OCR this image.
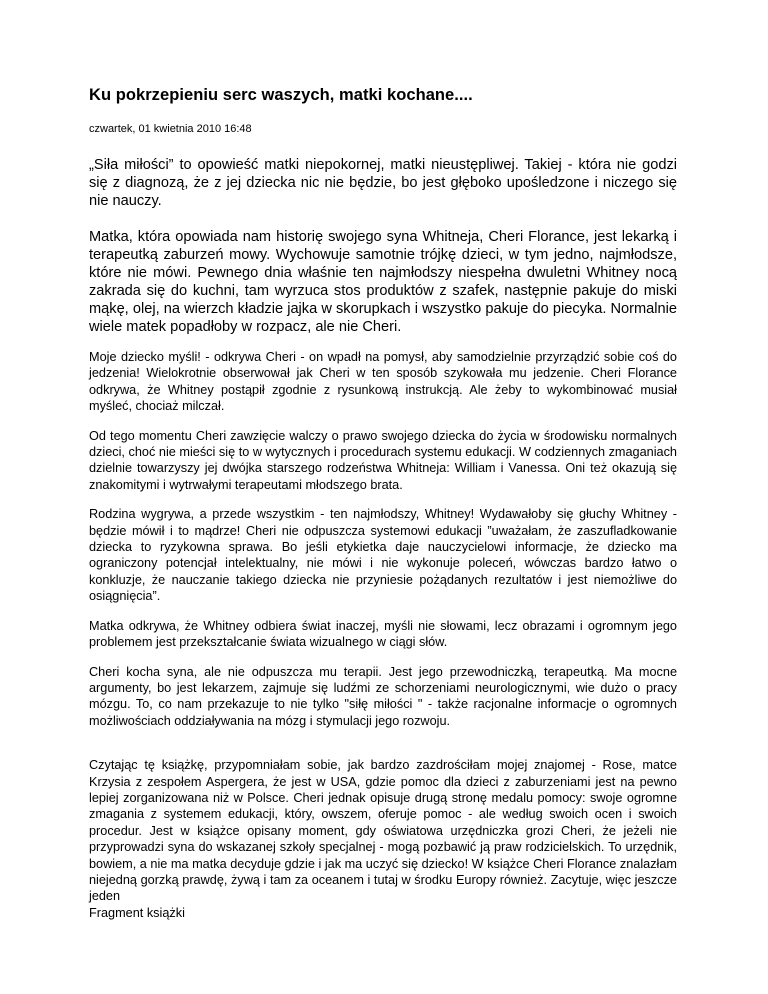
Ku pokrzepieniu serc waszych, matki kochane....
czwartek, 01 kwietnia 2010 16:48

„Siła miłości” to opowieść matki niepokornej, matki nieustępliwej. Takiej - która nie godzi się z diagnozą, że z jej dziecka nic nie będzie, bo jest głęboko upośledzone i niczego się nie nauczy.

Matka, która opowiada nam historię swojego syna Whitneja, Cheri Florance, jest lekarką i terapeutką zaburzeń mowy. Wychowuje samotnie trójkę dzieci, w tym jedno, najmłodsze, które nie mówi. Pewnego dnia właśnie ten najmłodszy niespełna dwuletni Whitney nocą zakrada się do kuchni, tam wyrzuca stos produktów z szafek, następnie pakuje do miski mąkę, olej, na wierzch kładzie jajka w skorupkach i wszystko pakuje do piecyka. Normalnie wiele matek popadłoby w rozpacz, ale nie Cheri.

Moje dziecko myśli! - odkrywa Cheri - on wpadł na pomysł, aby samodzielnie przyrządzić sobie coś do jedzenia! Wielokrotnie obserwował jak Cheri w ten sposób szykowała mu jedzenie. Cheri Florance odkrywa, że Whitney postąpił zgodnie z rysunkową instrukcją. Ale żeby to wykombinować musiał myśleć, chociaż milczał.

Od tego momentu Cheri zawzięcie walczy o prawo swojego dziecka do życia w środowisku normalnych dzieci, choć nie mieści się to w wytycznych i procedurach systemu edukacji. W codziennych zmaganiach dzielnie towarzyszy jej dwójka starszego rodzeństwa Whitneja: William i Vanessa. Oni też okazują się znakomitymi i wytrwałymi terapeutami młodszego brata.

Rodzina wygrywa, a przede wszystkim - ten najmłodszy, Whitney! Wydawałoby się głuchy Whitney - będzie mówił i to mądrze! Cheri nie odpuszcza systemowi edukacji ”uważałam, że zaszufladkowanie dziecka to ryzykowna sprawa. Bo jeśli etykietka daje nauczycielowi informacje, że dziecko ma ograniczony potencjał intelektualny, nie mówi i nie wykonuje poleceń, wówczas bardzo łatwo o konkluzje, że nauczanie takiego dziecka nie przyniesie pożądanych rezultatów i jest niemożliwe do osiągnięcia”.

Matka odkrywa, że Whitney odbiera świat inaczej, myśli nie słowami, lecz obrazami i ogromnym jego problemem jest przekształcanie świata wizualnego w ciągi słów.

Cheri kocha syna, ale nie odpuszcza mu terapii. Jest jego przewodniczką, terapeutką. Ma mocne argumenty, bo jest lekarzem, zajmuje się ludźmi ze schorzeniami neurologicznymi, wie dużo o pracy mózgu. To, co nam przekazuje to nie tylko "siłę miłości " - także racjonalne informacje o ogromnych możliwościach oddziaływania na mózg i stymulacji jego rozwoju.

Czytając tę książkę, przypomniałam sobie, jak bardzo zazdrościłam mojej znajomej - Rose, matce Krzysia z zespołem Aspergera, że jest w USA, gdzie pomoc dla dzieci z zaburzeniami jest na pewno lepiej zorganizowana niż w Polsce. Cheri jednak opisuje drugą stronę medalu pomocy: swoje ogromne zmagania z systemem edukacji, który, owszem, oferuje pomoc - ale według swoich ocen i swoich procedur. Jest w książce opisany moment, gdy oświatowa urzędniczka grozi Cheri, że jeżeli nie przyprowadzi syna do wskazanej szkoły specjalnej - mogą pozbawić ją praw rodzicielskich. To urzędnik, bowiem, a nie ma matka decyduje gdzie i jak ma uczyć się dziecko! W książce Cheri Florance znalazłam niejedną gorzką prawdę, żywą i tam za oceanem i tutaj w środku Europy również. Zacytuje, więc jeszcze jeden

Fragment książki
